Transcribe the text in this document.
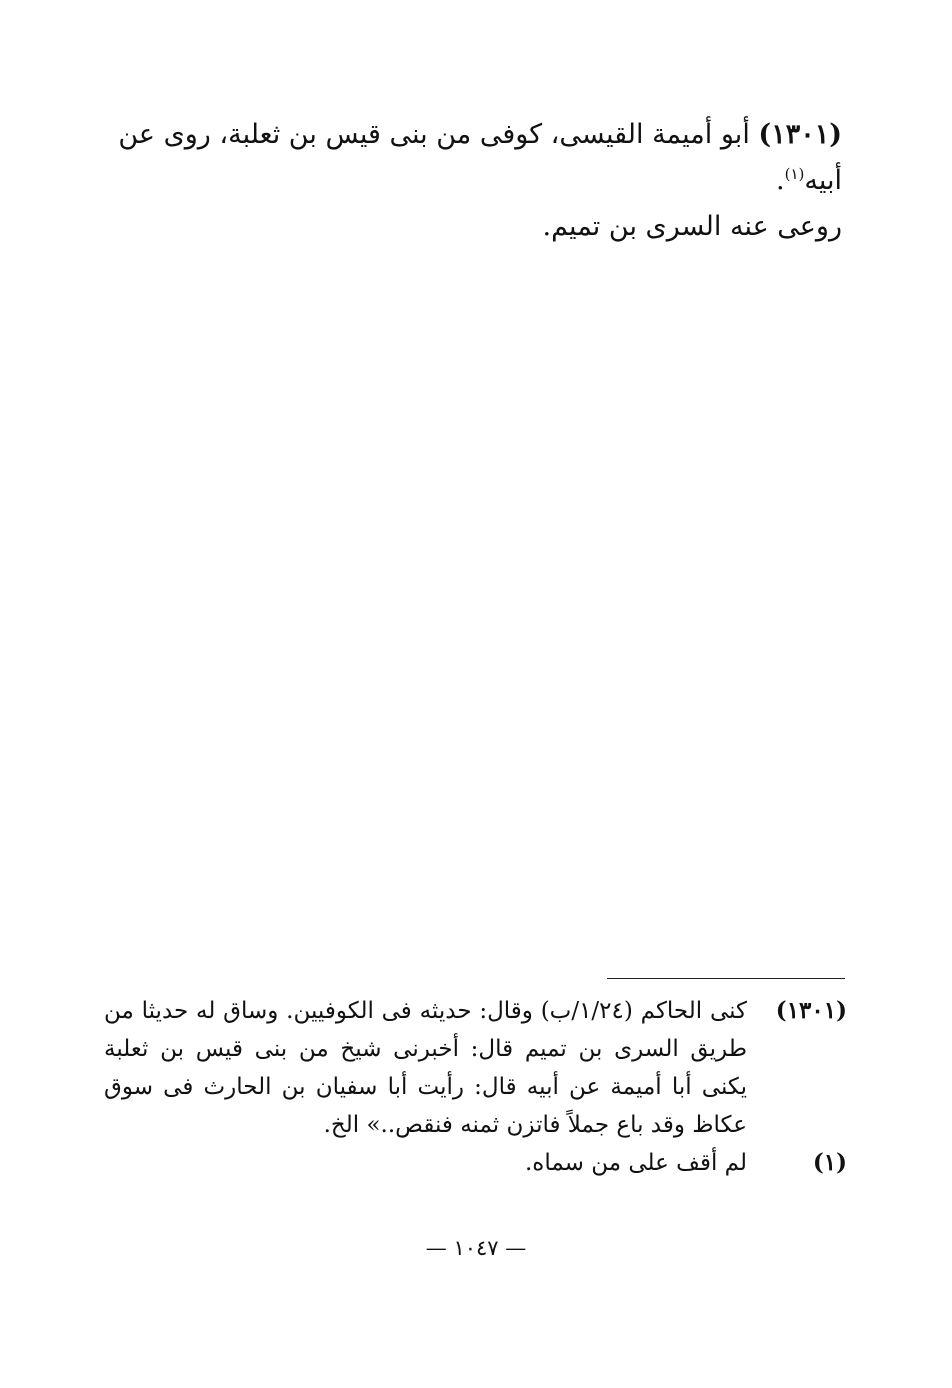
(١٣٠١) أبو أميمة القيسى، كوفى من بنى قيس بن ثعلبة، روى عن أبيه$^{(١)}$.
روعى عنه السرى بن تميم.
(١٣٠١)
كنى الحاكم (١/٢٤/ب) وقال: حديثه فى الكوفيين. وساق له حديثا من طريق السرى بن تميم قال: أخبرنى شيخ من بنى قيس بن ثعلبة يكنى أبا أميمة عن أبيه قال: رأيت أبا سفيان بن الحارث فى سوق عكاظ وقد باع جملاً فاتزن ثمنه فنقص..» الخ.
(١)
لم أقف على من سماه.
— ١٠٤٧ —
